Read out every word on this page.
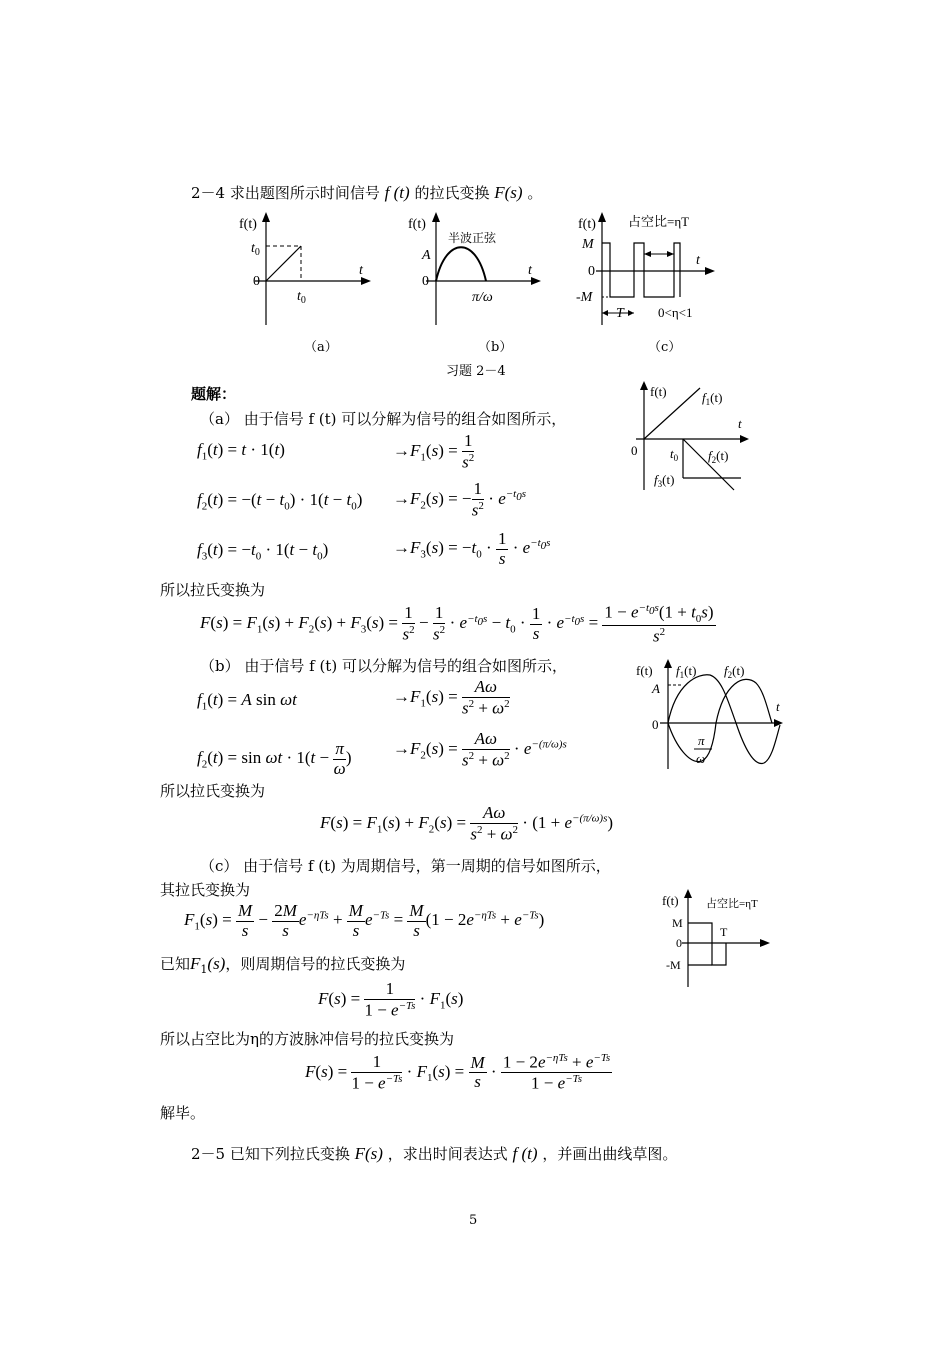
2－4 求出题图所示时间信号 f (t) 的拉氏变换 F(s) 。
f(t)
$t_0$
0
t
$t_0$
（a）
f(t)
半波正弦
A
0
t
π/ω
（b）
f(t) 占空比=ηT
M
0
-M
t
T	0<η<1
（c）
习题 2－4
题解：
（a） 由于信号 f (t) 可以分解为信号的组合如图所示，
f(t)	$f_1(t)$
t
0	$t_0$ $f_2(t)$
$f_3(t)$
$f_1(t) = t \cdot 1(t)$	$\to F_1(s) = \frac{1}{s^2}$
$f_2(t) = -(t - t_0) \cdot 1(t - t_0) \to F_2(s)$ = − $\frac{1}{s^2} \cdot e^{-t_0s}$
$f_3(t) = -t_0 \cdot 1(t - t_0)$	$\to F_3(s) = -t_0 \cdot \frac{1}{s} \cdot e^{-t_0s}$
所以拉氏变换为
$F(s) = F_1(s) + F_2(s) + F_3(s) = \frac{1}{s^2} - \frac{1}{s^2} \cdot e^{-t_0s} - t_0 \cdot \frac{1}{s} \cdot e^{-t_0s} = \frac{1 - e^{-t_0s}(1 + t_0s)}{s^2}$
（b） 由于信号 f (t) 可以分解为信号的组合如图所示，	f(t) $f_1(t)$ $f_2(t)$
A
0
t
π
ω
$f_1(t) = A$ sin ωt	$\to F_1(s) = \frac{A\omega}{s^2 + \omega^2}$
$f_2(t) = \sin \omega t \cdot 1(t - \frac{\pi}{\omega}$ ) $\to F_2(s) = \frac{A\omega}{s^2 + \omega^2} \cdot e^{-(\pi/\omega)s}$
所以拉氏变换为
$F(s) = F_1(s) + F_2(s) = \frac{A\omega}{s^2 + \omega^2} \cdot (1 + e^{-(\pi/\omega)s})$
（c） 由于信号 f (t) 为周期信号，第一周期的信号如图所示，
其拉氏变换为
f(t) 占空比=ηT
M
0
-M
T
$F_1(s) = \frac{M}{s} - \frac{2M}{s} e^{-\eta Ts} + \frac{M}{s} e^{-Ts} = \frac{M}{s} (1 - 2e^{-\eta Ts} + e^{-Ts})$
已知$F_1(s)$，则周期信号的拉氏变换为
$F(s) = \frac{1}{1 - e^{-Ts}} \cdot F_1(s)$
所以占空比为η的方波脉冲信号的拉氏变换为
$F(s) = \frac{1}{1 - e^{-Ts}} \cdot F_1(s) = \frac{M}{s} \cdot \frac{1 - 2e^{-\eta Ts} + e^{-Ts}}{1 - e^{-Ts}}$
解毕。
2－5 已知下列拉氏变换 F(s) ，求出时间表达式 f (t) ，并画出曲线草图。
5
